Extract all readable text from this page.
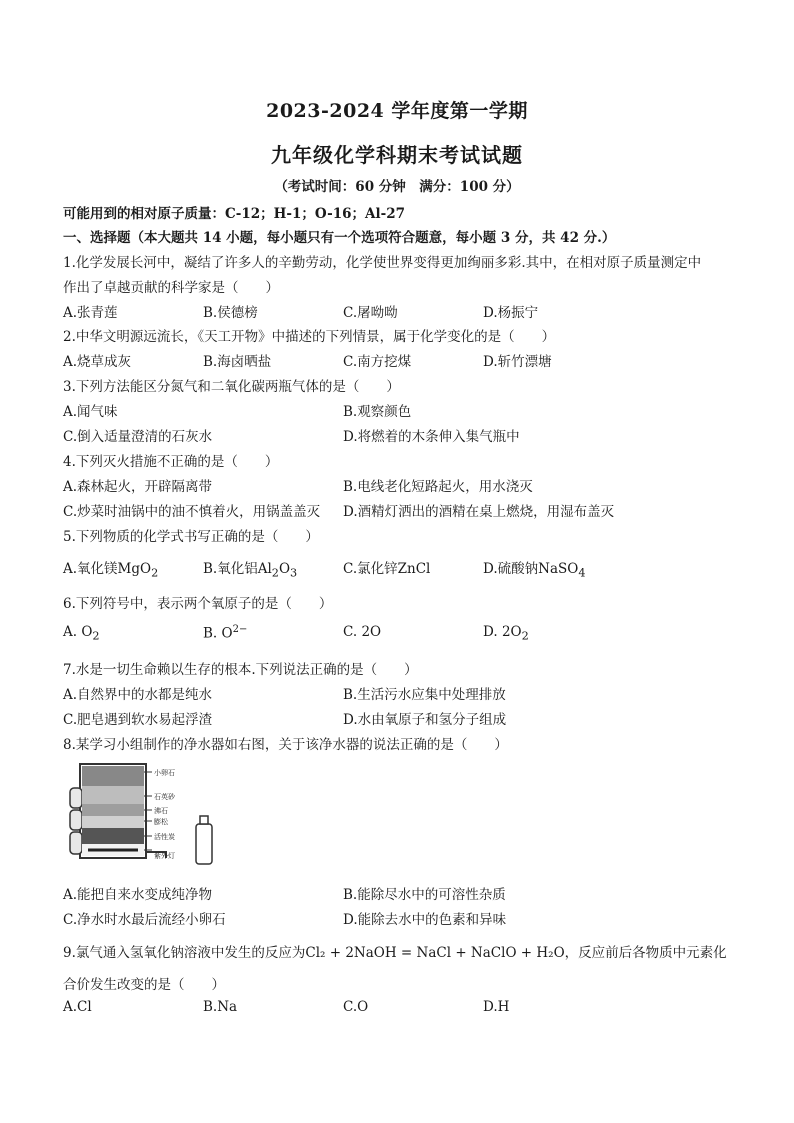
2023-2024 学年度第一学期
九年级化学科期末考试试题
（考试时间：60 分钟　满分：100 分）
可能用到的相对原子质量：C-12；H-1；O-16；Al-27
一、选择题（本大题共 14 小题，每小题只有一个选项符合题意，每小题 3 分，共 42 分.）
1.化学发展长河中，凝结了许多人的辛勤劳动，化学使世界变得更加绚丽多彩.其中，在相对原子质量测定中
作出了卓越贡献的科学家是（　　）
A.张青莲	B.侯德榜	C.屠呦呦	D.杨振宁
2.中华文明源远流长，《天工开物》中描述的下列情景，属于化学变化的是（　　）
A.烧草成灰	B.海卤晒盐	C.南方挖煤	D.斩竹漂塘
3.下列方法能区分氮气和二氧化碳两瓶气体的是（　　）
A.闻气味	B.观察颜色
C.倒入适量澄清的石灰水	D.将燃着的木条伸入集气瓶中
4.下列灭火措施不正确的是（　　）
A.森林起火，开辟隔离带	B.电线老化短路起火，用水浇灭
C.炒菜时油锅中的油不慎着火，用锅盖盖灭 D.酒精灯洒出的酒精在桌上燃烧，用湿布盖灭
5.下列物质的化学式书写正确的是（　　）
A.氧化镁MgO$_2$	B.氧化铝$Al_2O_3$	C.氯化锌ZnCl	D.硫酸钠NaSO$_4$
6.下列符号中，表示两个氧原子的是（　　）
A. $O_2$	B. $O^{2-}$	C. 2O	D. $2O_2$
7.水是一切生命赖以生存的根本.下列说法正确的是（　　）
A.自然界中的水都是纯水	B.生活污水应集中处理排放
C.肥皂遇到软水易起浮渣	D.水由氧原子和氢分子组成
8.某学习小组制作的净水器如右图，关于该净水器的说法正确的是（　　）
小卵石
石英砂
沸石
膨松
活性炭
紫外灯
A.能把自来水变成纯净物	B.能除尽水中的可溶性杂质
C.净水时水最后流经小卵石	D.能除去水中的色素和异味
9.氯气通入氢氧化钠溶液中发生的反应为Cl₂ + 2NaOH = NaCl + NaClO + H₂O，反应前后各物质中元素化
合价发生改变的是（　　）
A.Cl	B.Na	C.O	D.H
